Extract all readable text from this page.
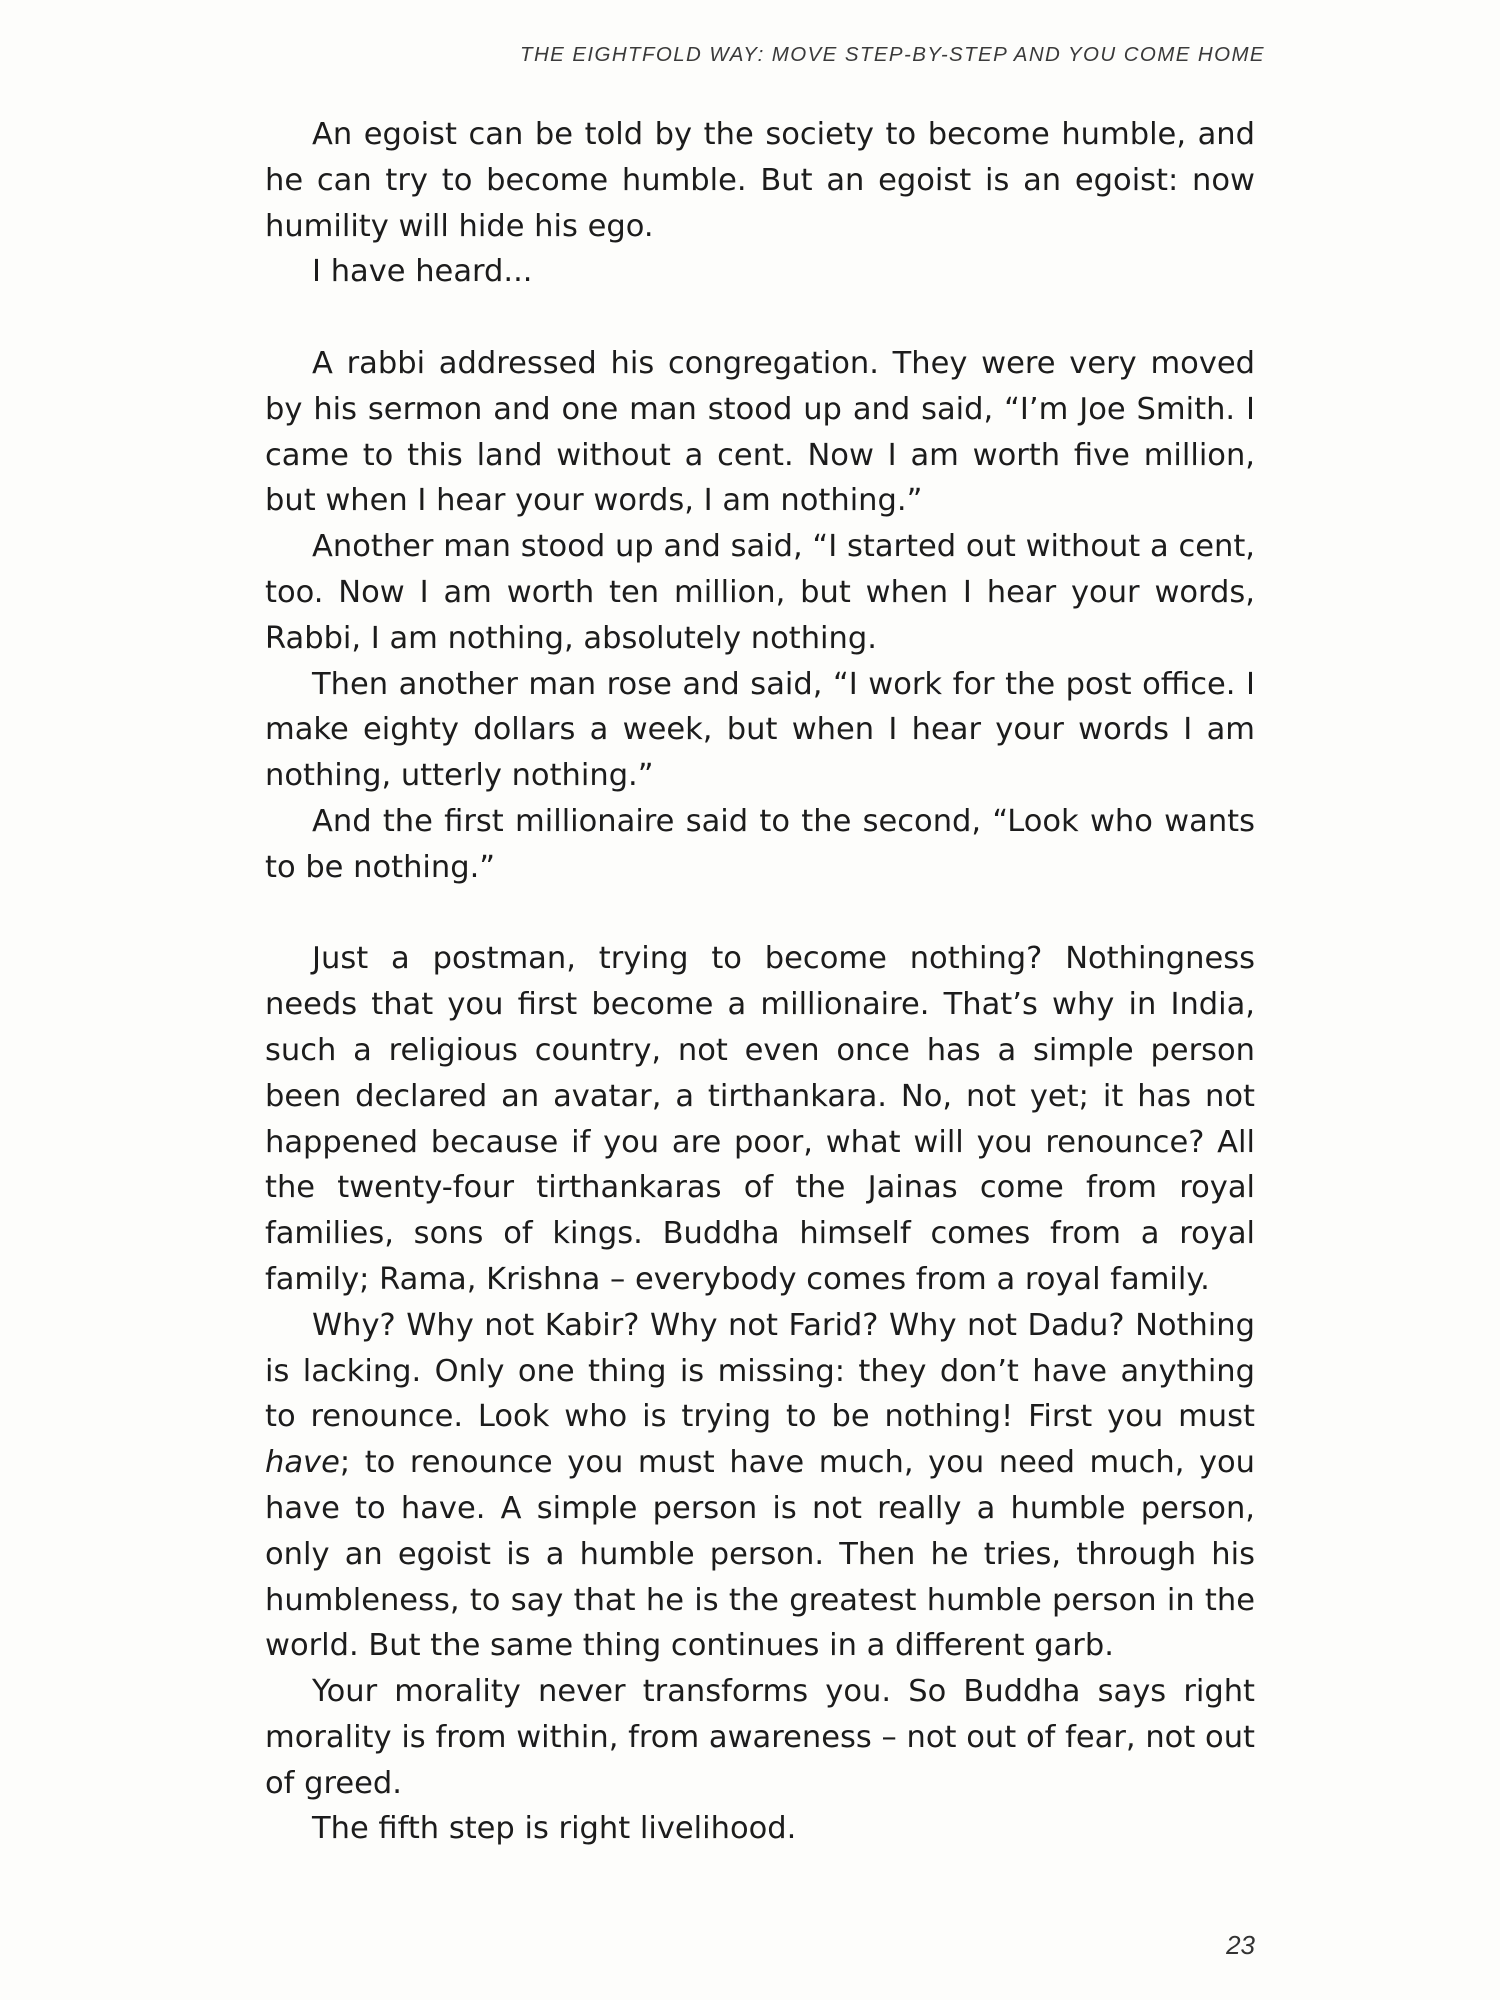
THE EIGHTFOLD WAY: MOVE STEP-BY-STEP AND YOU COME HOME

An egoist can be told by the society to become humble, and he can try to become humble. But an egoist is an egoist: now humility will hide his ego.

I have heard...

A rabbi addressed his congregation. They were very moved by his sermon and one man stood up and said, “I’m Joe Smith. I came to this land without a cent. Now I am worth five million, but when I hear your words, I am nothing.”

Another man stood up and said, “I started out without a cent, too. Now I am worth ten million, but when I hear your words, Rabbi, I am nothing, absolutely nothing.

Then another man rose and said, “I work for the post office. I make eighty dollars a week, but when I hear your words I am nothing, utterly nothing.”

And the first millionaire said to the second, “Look who wants to be nothing.”

Just a postman, trying to become nothing? Nothingness needs that you first become a millionaire. That’s why in India, such a religious country, not even once has a simple person been declared an avatar, a tirthankara. No, not yet; it has not happened because if you are poor, what will you renounce? All the twenty-four tirthankaras of the Jainas come from royal families, sons of kings. Buddha himself comes from a royal family; Rama, Krishna – everybody comes from a royal family.

Why? Why not Kabir? Why not Farid? Why not Dadu? Nothing is lacking. Only one thing is missing: they don’t have anything to renounce. Look who is trying to be nothing! First you must have; to renounce you must have much, you need much, you have to have. A simple person is not really a humble person, only an egoist is a humble person. Then he tries, through his humbleness, to say that he is the greatest humble person in the world. But the same thing continues in a different garb.

Your morality never transforms you. So Buddha says right morality is from within, from awareness – not out of fear, not out of greed.

The fifth step is right livelihood.

23
